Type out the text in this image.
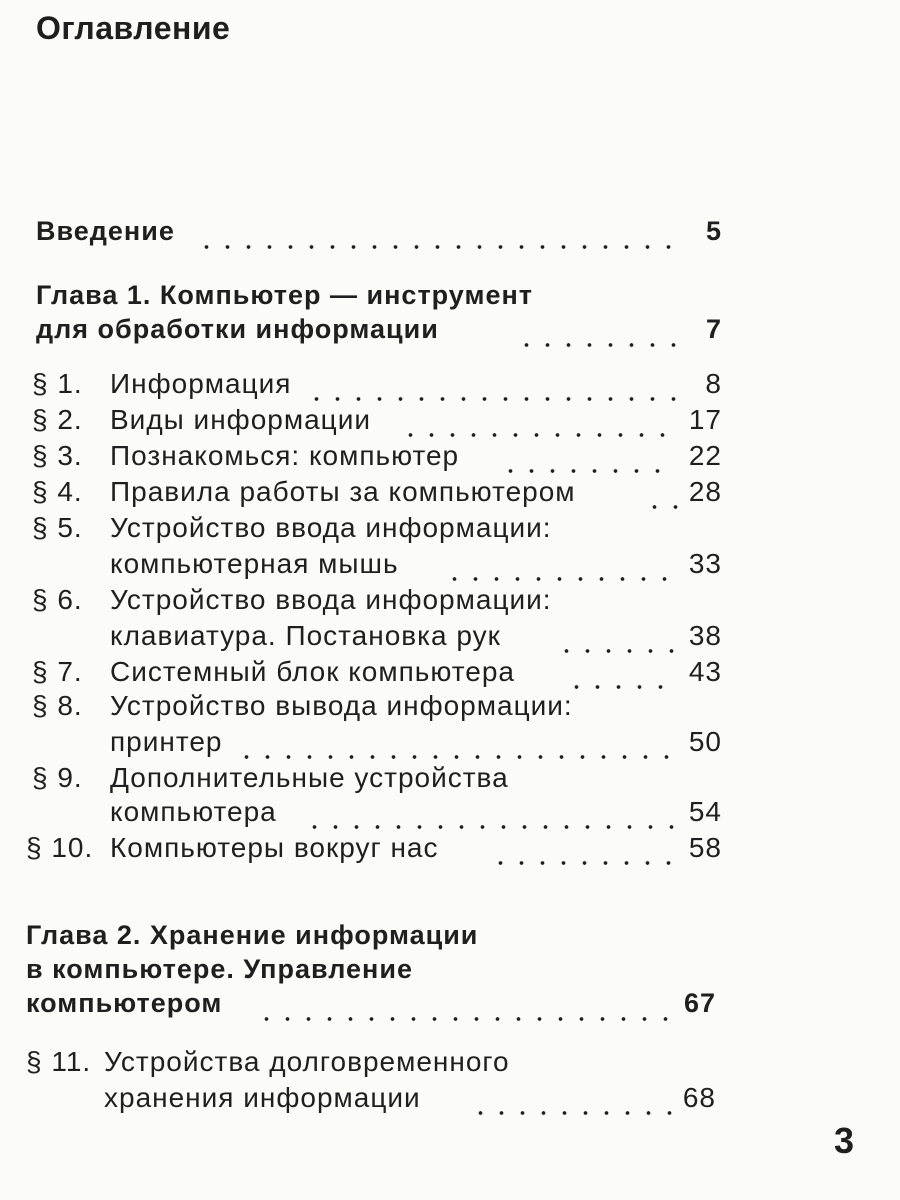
Оглавление
Введение	5
Глава 1. Компьютер — инструмент
для обработки информации	7
§ 1. Информация	8
§ 2. Виды информации	17
§ 3. Познакомься: компьютер	22
§ 4. Правила работы за компьютером	28
§ 5. Устройство ввода информации:
компьютерная мышь	33
§ 6. Устройство ввода информации:
клавиатура. Постановка рук	38
§ 7. Системный блок компьютера	43
§ 8. Устройство вывода информации:
принтер	50
§ 9. Дополнительные устройства
компьютера	54
§ 10. Компьютеры вокруг нас	58
Глава 2. Хранение информации
в компьютере. Управление
компьютером	67
§ 11. Устройства долговременного
хранения информации	68
3
